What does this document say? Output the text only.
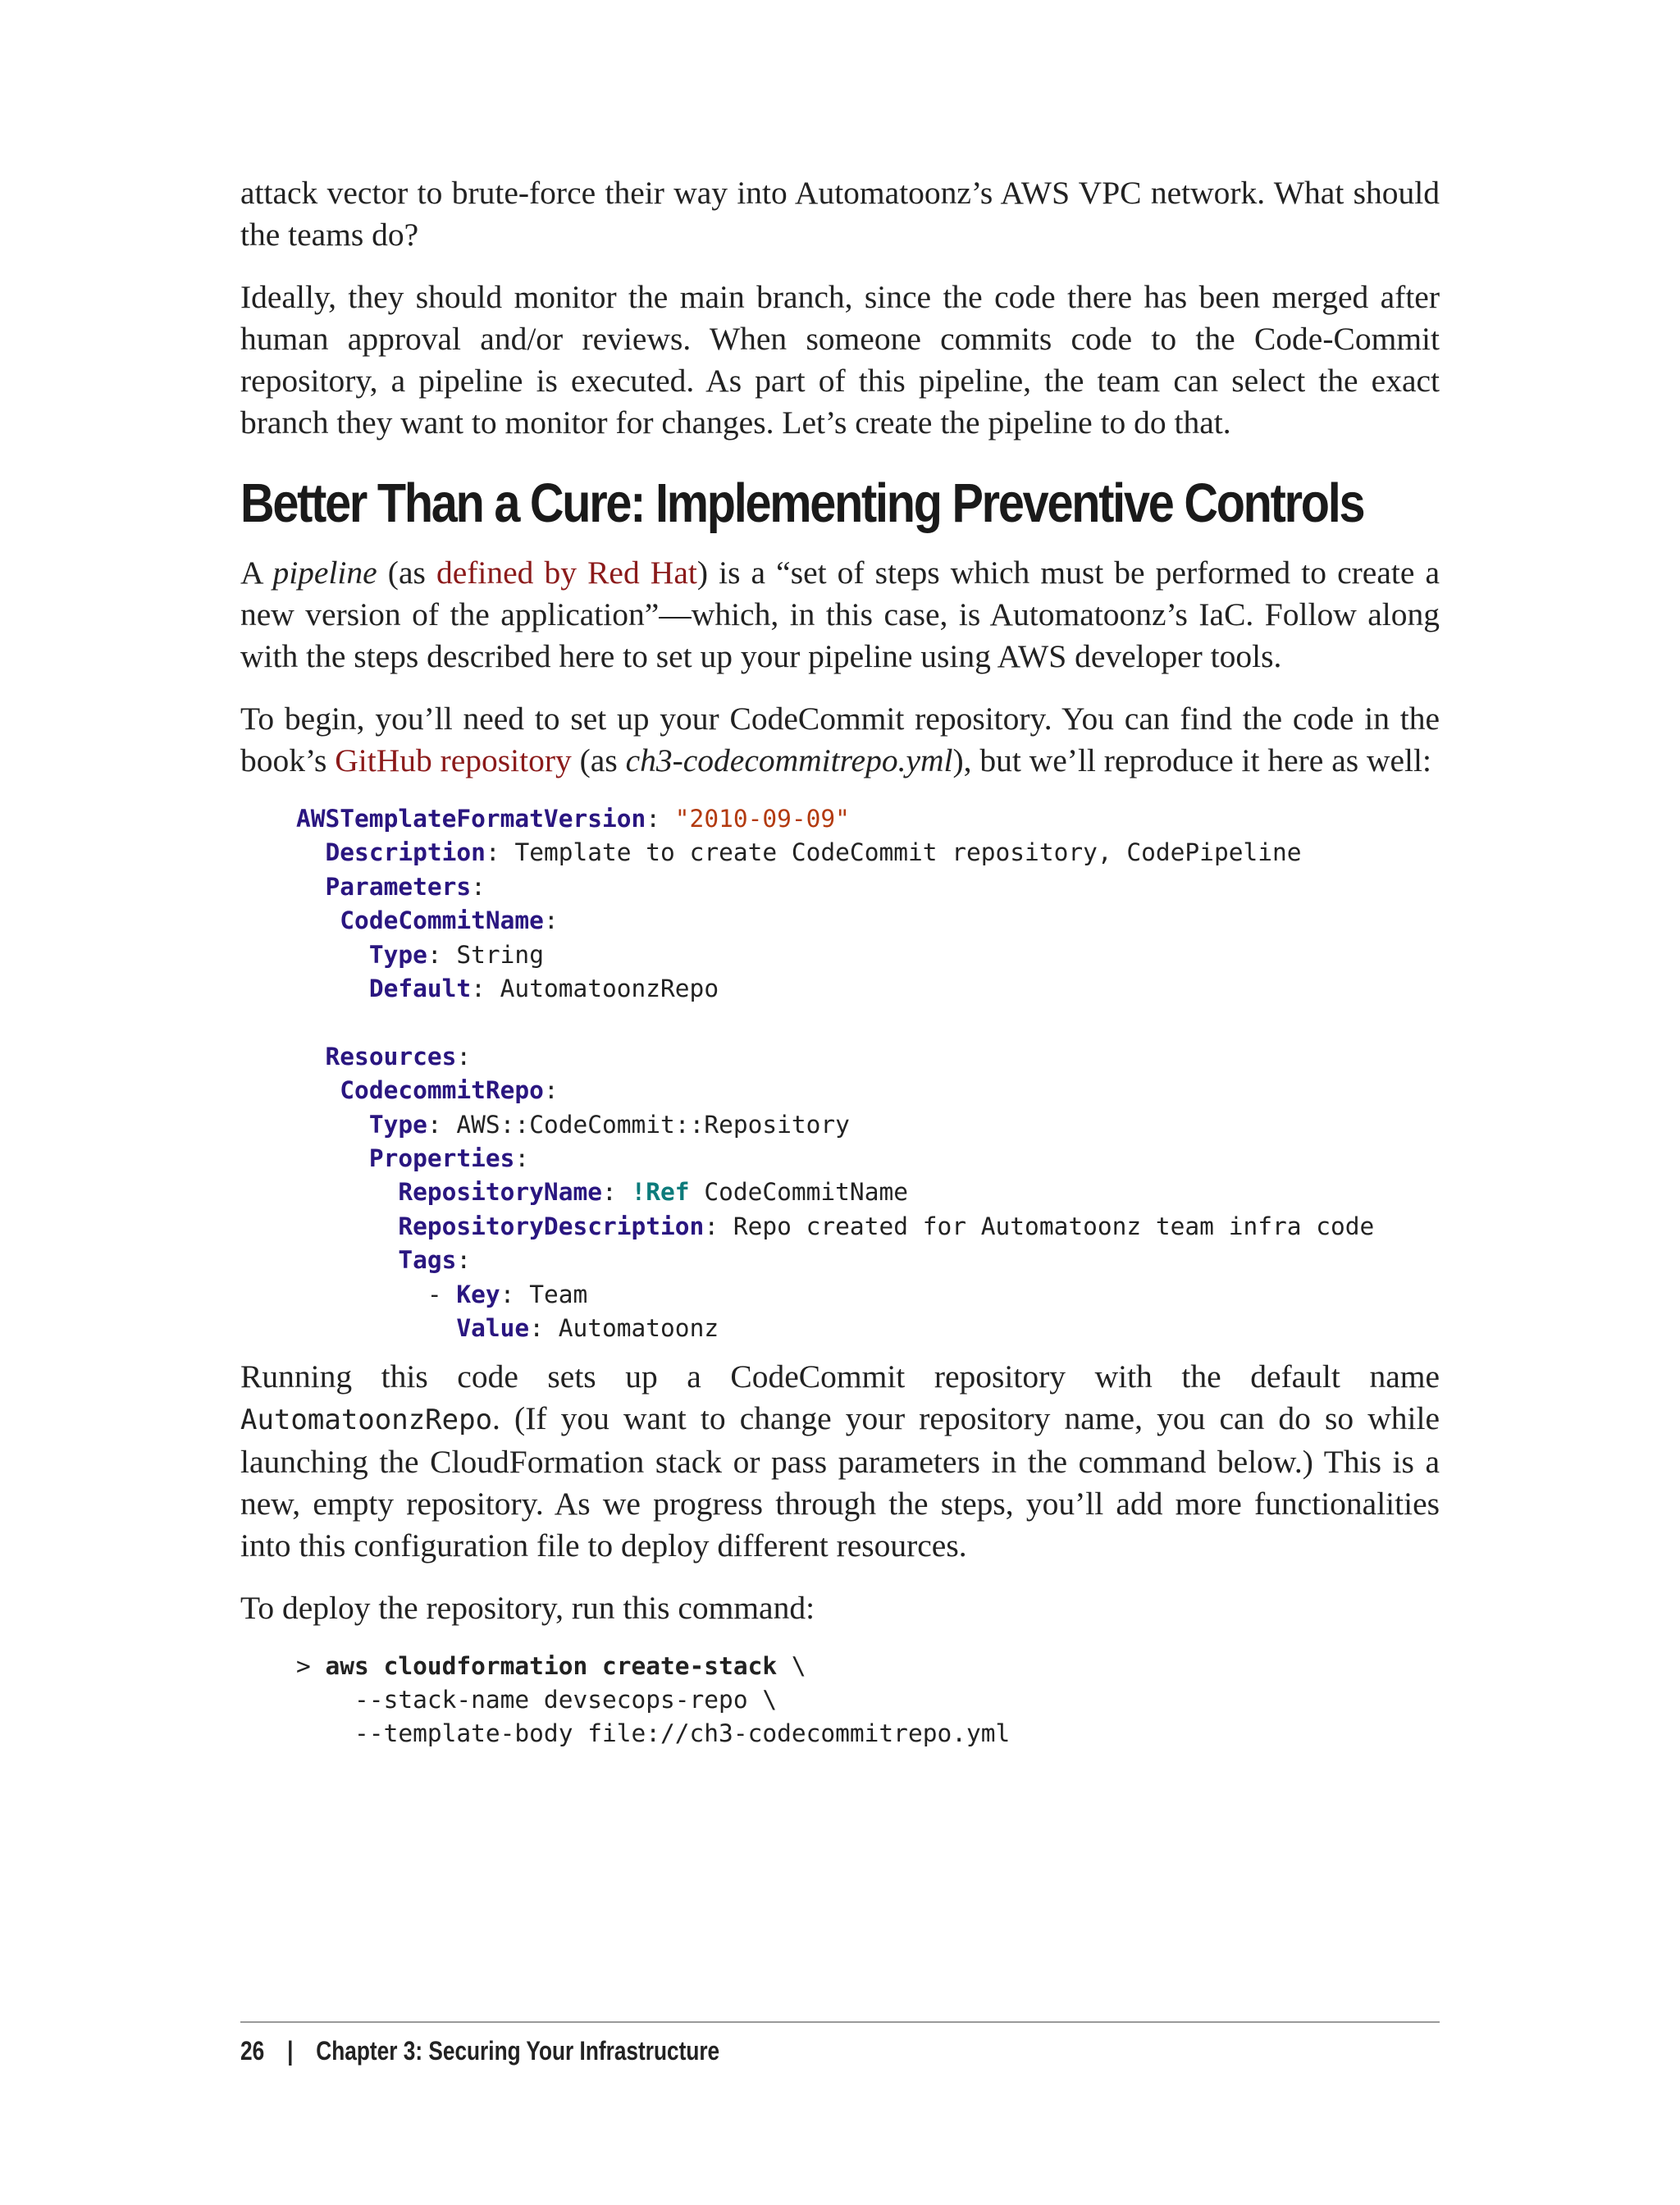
attack vector to brute-force their way into Automatoonz’s AWS VPC network. What should the teams do?

Ideally, they should monitor the main branch, since the code there has been merged after human approval and/or reviews. When someone commits code to the Code-Commit repository, a pipeline is executed. As part of this pipeline, the team can select the exact branch they want to monitor for changes. Let’s create the pipeline to do that.

Better Than a Cure: Implementing Preventive Controls

A pipeline (as defined by Red Hat) is a “set of steps which must be performed to create a new version of the application”—which, in this case, is Automatoonz’s IaC. Follow along with the steps described here to set up your pipeline using AWS developer tools.

To begin, you’ll need to set up your CodeCommit repository. You can find the code in the book’s GitHub repository (as ch3-codecommitrepo.yml), but we’ll reproduce it here as well:

AWSTemplateFormatVersion: "2010-09-09"
Description: Template to create CodeCommit repository, CodePipeline
Parameters:
CodeCommitName:
Type: String
Default: AutomatoonzRepo

Resources:
CodecommitRepo:
Type: AWS::CodeCommit::Repository
Properties:
RepositoryName: !Ref CodeCommitName
RepositoryDescription: Repo created for Automatoonz team infra code
Tags:
- Key: Team
Value: Automatoonz

Running this code sets up a CodeCommit repository with the default name AutomatoonzRepo. (If you want to change your repository name, you can do so while launching the CloudFormation stack or pass parameters in the command below.) This is a new, empty repository. As we progress through the steps, you’ll add more functionalities into this configuration file to deploy different resources.

To deploy the repository, run this command:

> aws cloudformation create-stack \
--stack-name devsecops-repo \
--template-body file://ch3-codecommitrepo.yml
26 | Chapter 3: Securing Your Infrastructure
